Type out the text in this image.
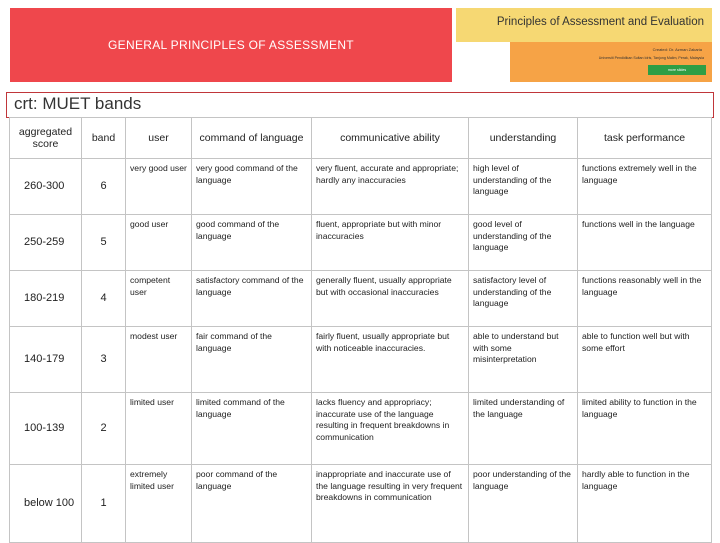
GENERAL PRINCIPLES OF ASSESSMENT
Principles of Assessment and Evaluation
Created: Dr. Azman Zakaria
Universiti Pendidikan Sultan Idris, Tanjong Malim, Perak, Malaysia
more slides
crt: MUET bands
aggregated score	band	user	command of language	communicative ability	understanding	task performance
260-300	6	very good user	very good command of the language	very fluent, accurate and appropriate; hardly any inaccuracies	high level of understanding of the language	functions extremely well in the language
250-259	5	good user	good command of the language	fluent, appropriate but with minor inaccuracies	good level of understanding of the language	functions well in the language
180-219	4	competent user	satisfactory command of the language	generally fluent, usually appropriate but with occasional inaccuracies	satisfactory level of understanding of the language	functions reasonably well in the language
140-179	3	modest user	fair command of the language	fairly fluent, usually appropriate but with noticeable inaccuracies.	able to understand but with some misinterpretation	able to function well but with some effort
100-139	2	limited user	limited command of the language	lacks fluency and appropriacy; inaccurate use of the language resulting in frequent breakdowns in communication	limited understanding of the language	limited ability to function in the language
below 100	1	extremely limited user	poor command of the language	inappropriate and inaccurate use of the language resulting in very frequent breakdowns in communication	poor understanding of the language	hardly able to function in the language
